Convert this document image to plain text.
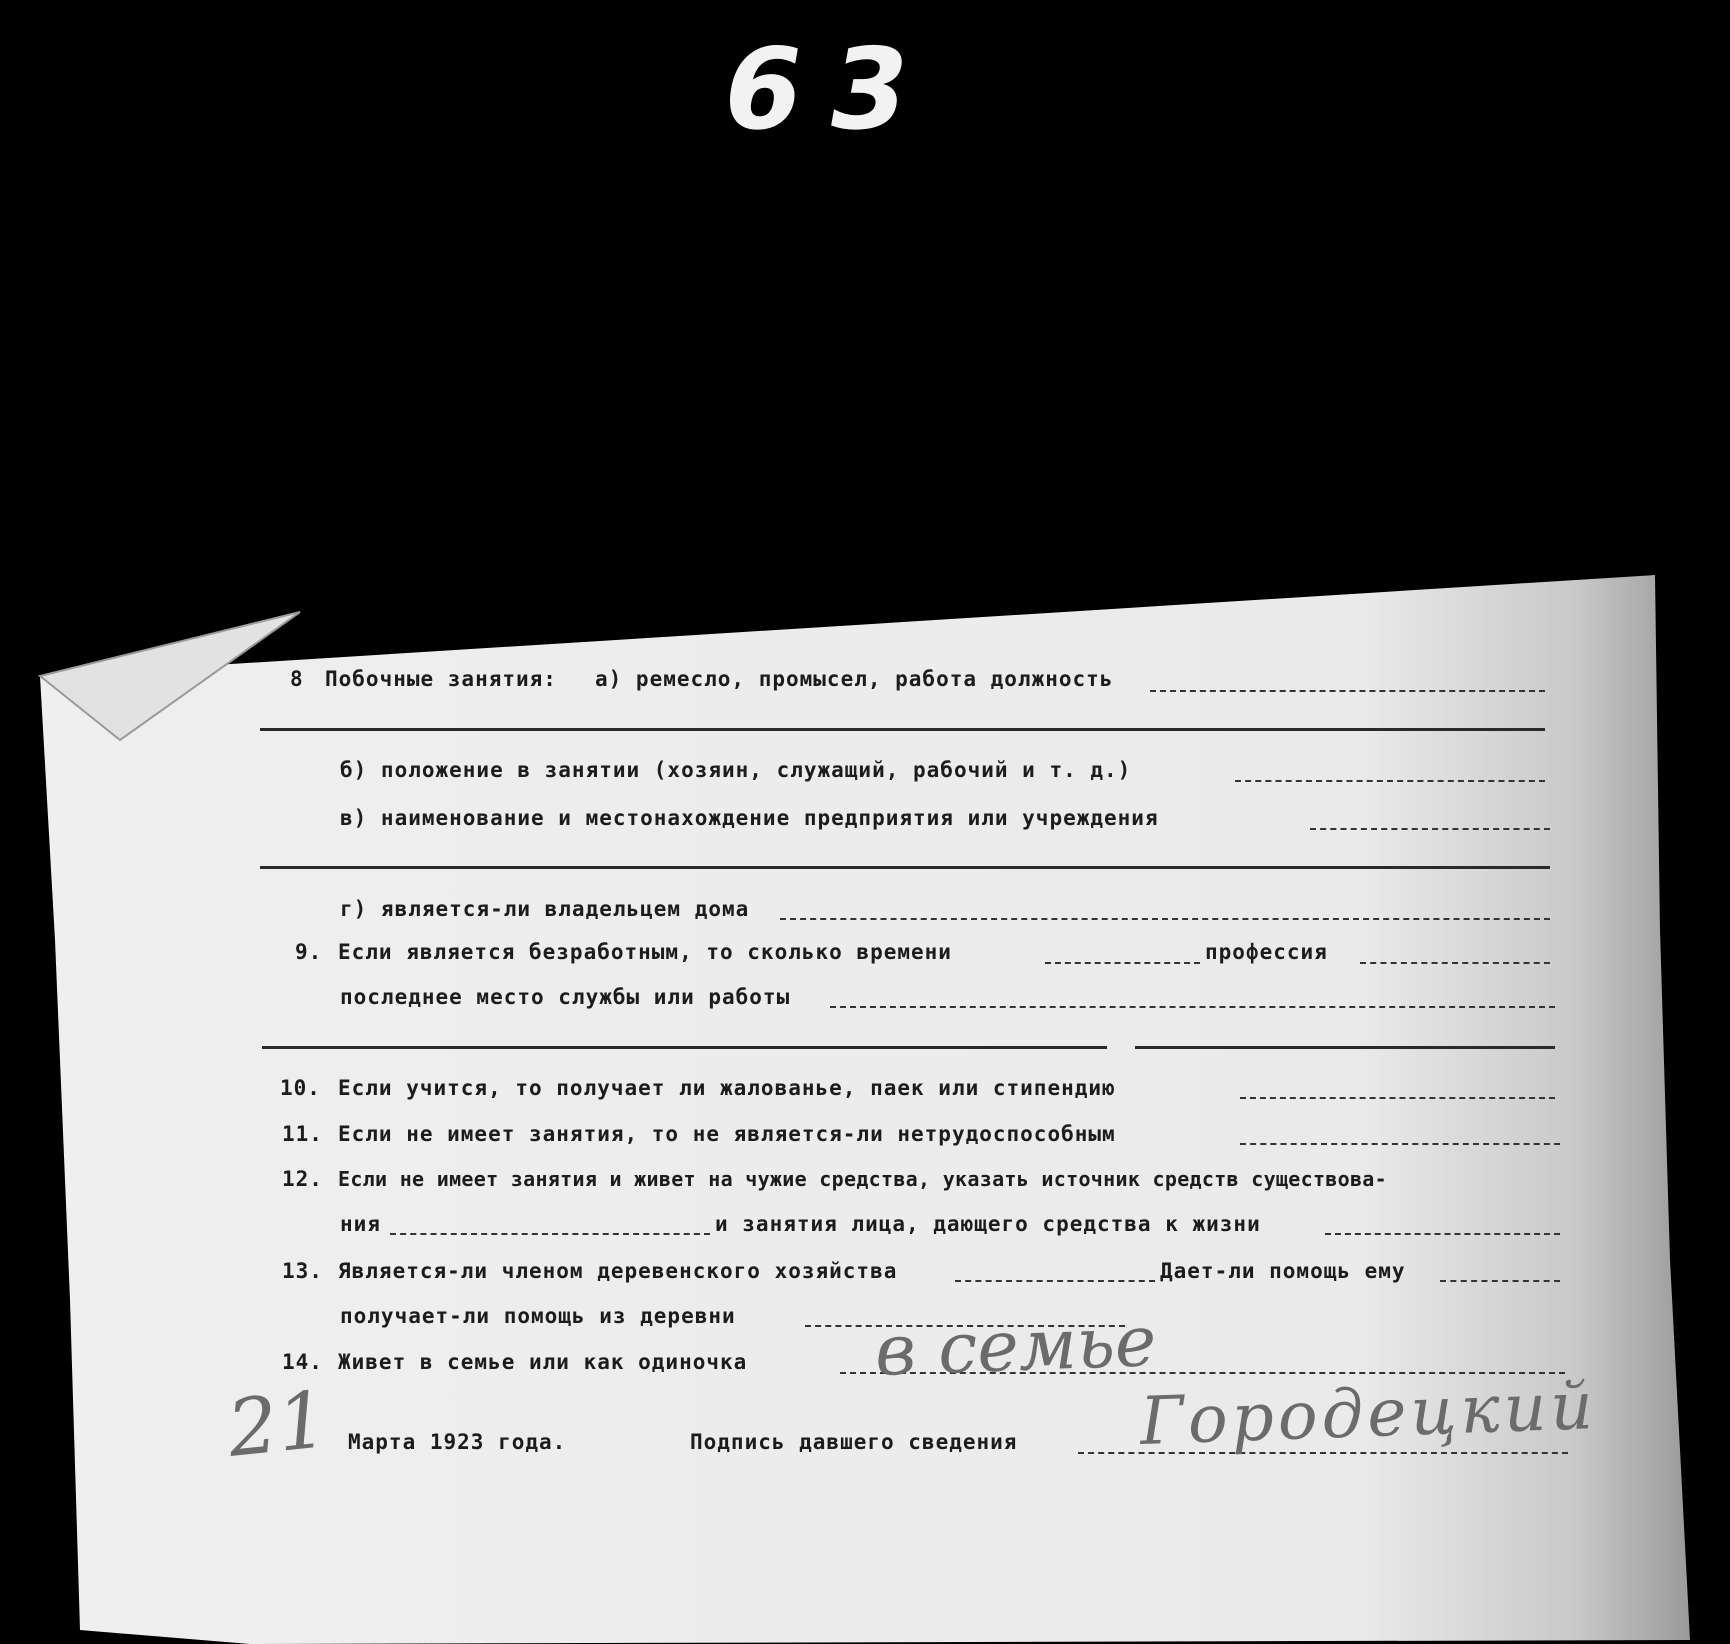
63
8 Побочные занятия: а) ремесло, промысел, работа должность
б) положение в занятии (хозяин, служащий, рабочий и т. д.)
в) наименование и местонахождение предприятия или учреждения
г) является-ли владельцем дома
9. Если является безработным, то сколько времени	профессия
последнее место службы или работы
10. Если учится, то получает ли жалованье, паек или стипендию
11. Если не имеет занятия, то не является-ли нетрудоспособным
12. Если не имеет занятия и живет на чужие средства, указать источник средств существова-
ния	и занятия лица, дающего средства к жизни
13. Является-ли членом деревенского хозяйства	Дает-ли помощь ему
получает-ли помощь из деревни
14. Живет в семье или как одиночка в семье
21 Марта 1923 года.	Подпись давшего сведения Городецкий
